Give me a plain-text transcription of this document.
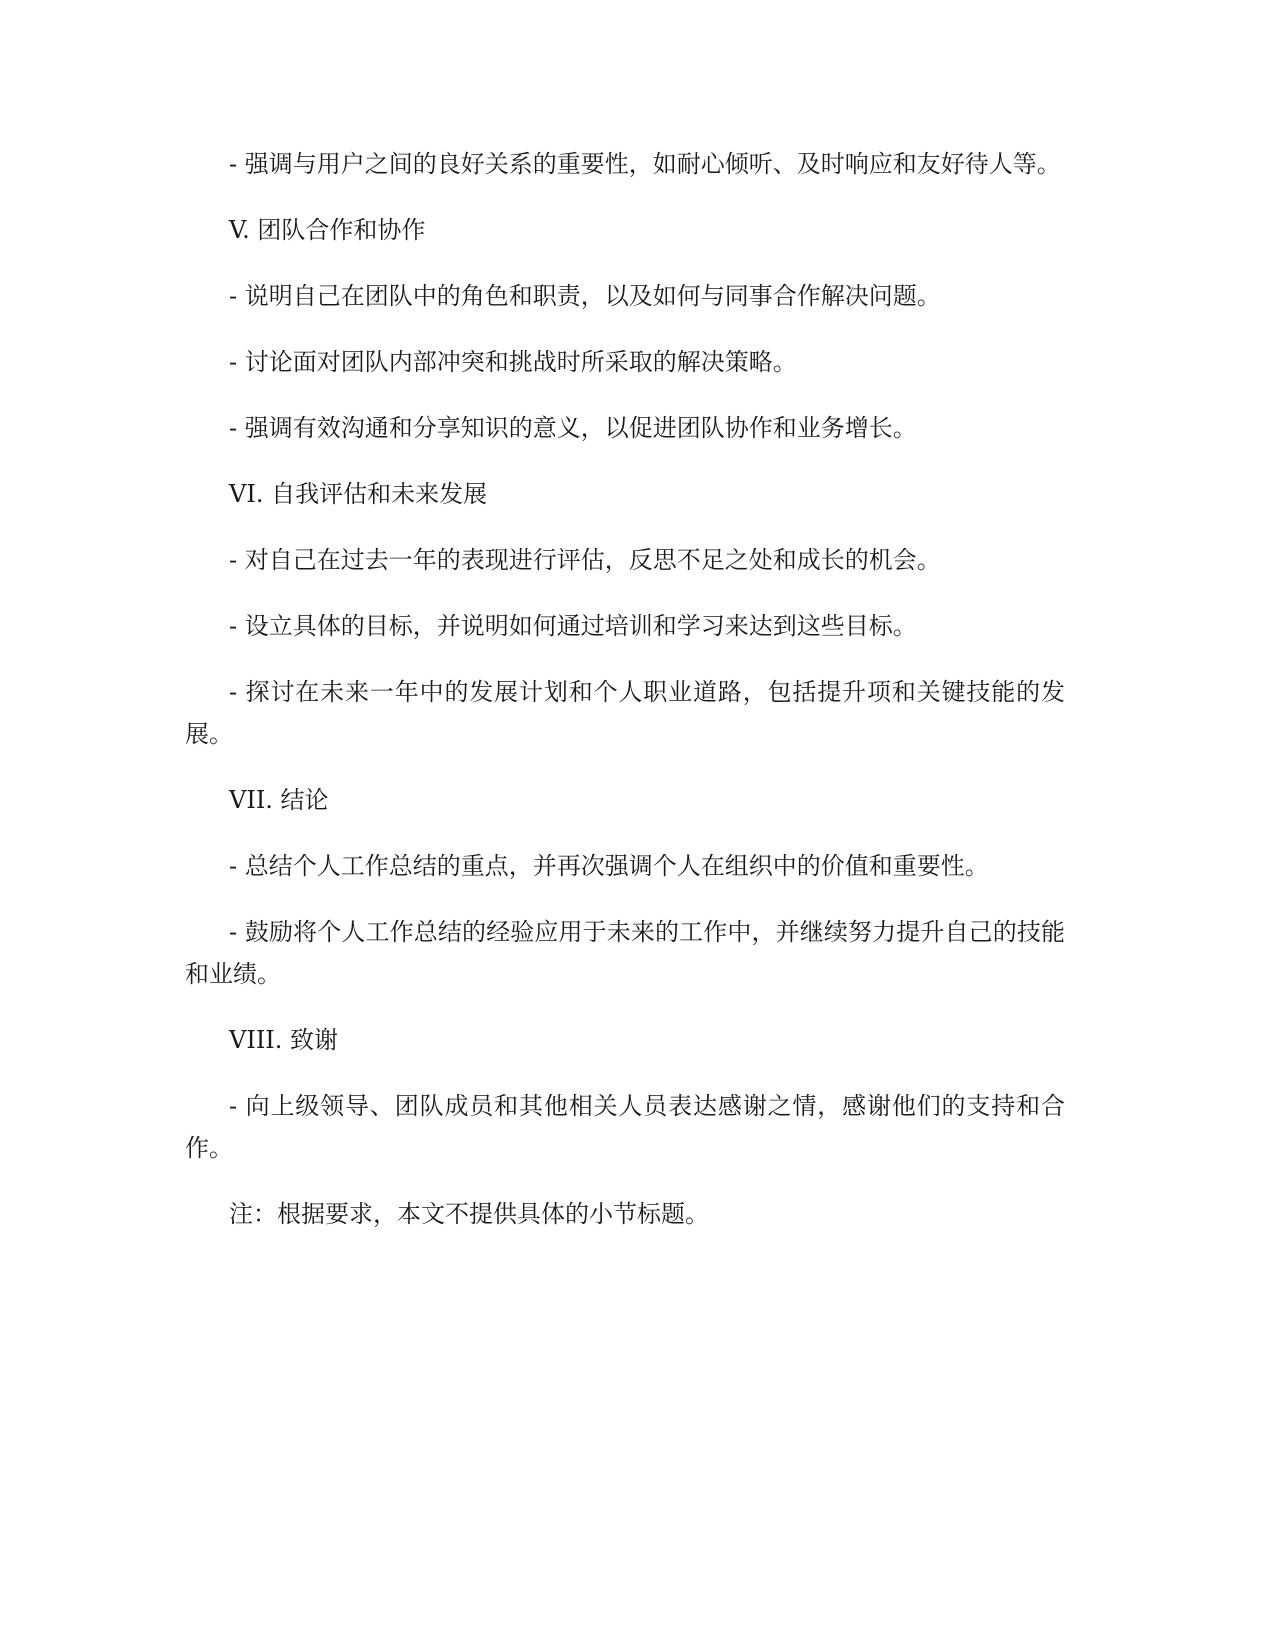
- 强调与用户之间的良好关系的重要性，如耐心倾听、及时响应和友好待人等。

V. 团队合作和协作

- 说明自己在团队中的角色和职责，以及如何与同事合作解决问题。

- 讨论面对团队内部冲突和挑战时所采取的解决策略。

- 强调有效沟通和分享知识的意义，以促进团队协作和业务增长。

VI. 自我评估和未来发展

- 对自己在过去一年的表现进行评估，反思不足之处和成长的机会。

- 设立具体的目标，并说明如何通过培训和学习来达到这些目标。

- 探讨在未来一年中的发展计划和个人职业道路，包括提升项和关键技能的发展。

VII. 结论

- 总结个人工作总结的重点，并再次强调个人在组织中的价值和重要性。

- 鼓励将个人工作总结的经验应用于未来的工作中，并继续努力提升自己的技能和业绩。

VIII. 致谢

- 向上级领导、团队成员和其他相关人员表达感谢之情，感谢他们的支持和合作。

注：根据要求，本文不提供具体的小节标题。
